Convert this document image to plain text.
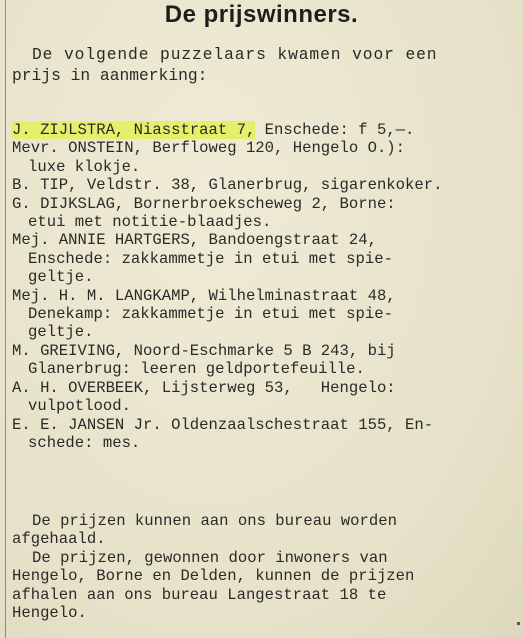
De prijswinners.
De volgende puzzelaars kwamen voor een
prijs in aanmerking:
J. ZIJLSTRA, Niasstraat 7, Enschede: f 5,—.
Mevr. ONSTEIN, Berfloweg 120, Hengelo O.):
luxe klokje.
B. TIP, Veldstr. 38, Glanerbrug, sigarenkoker.
G. DIJKSLAG, Bornerbroekscheweg 2, Borne:
etui met notitie-blaadjes.
Mej. ANNIE HARTGERS, Bandoengstraat 24,
Enschede: zakkammetje in etui met spie-
geltje.
Mej. H. M. LANGKAMP, Wilhelminastraat 48,
Denekamp: zakkammetje in etui met spie-
geltje.
M. GREIVING, Noord-Eschmarke 5 B 243, bij
Glanerbrug: leeren geldportefeuille.
A. H. OVERBEEK, Lijsterweg 53,   Hengelo:
vulpotlood.
E. E. JANSEN Jr. Oldenzaalschestraat 155, En-
schede: mes.
De prijzen kunnen aan ons bureau worden
afgehaald.
De prijzen, gewonnen door inwoners van
Hengelo, Borne en Delden, kunnen de prijzen
afhalen aan ons bureau Langestraat 18 te
Hengelo.
